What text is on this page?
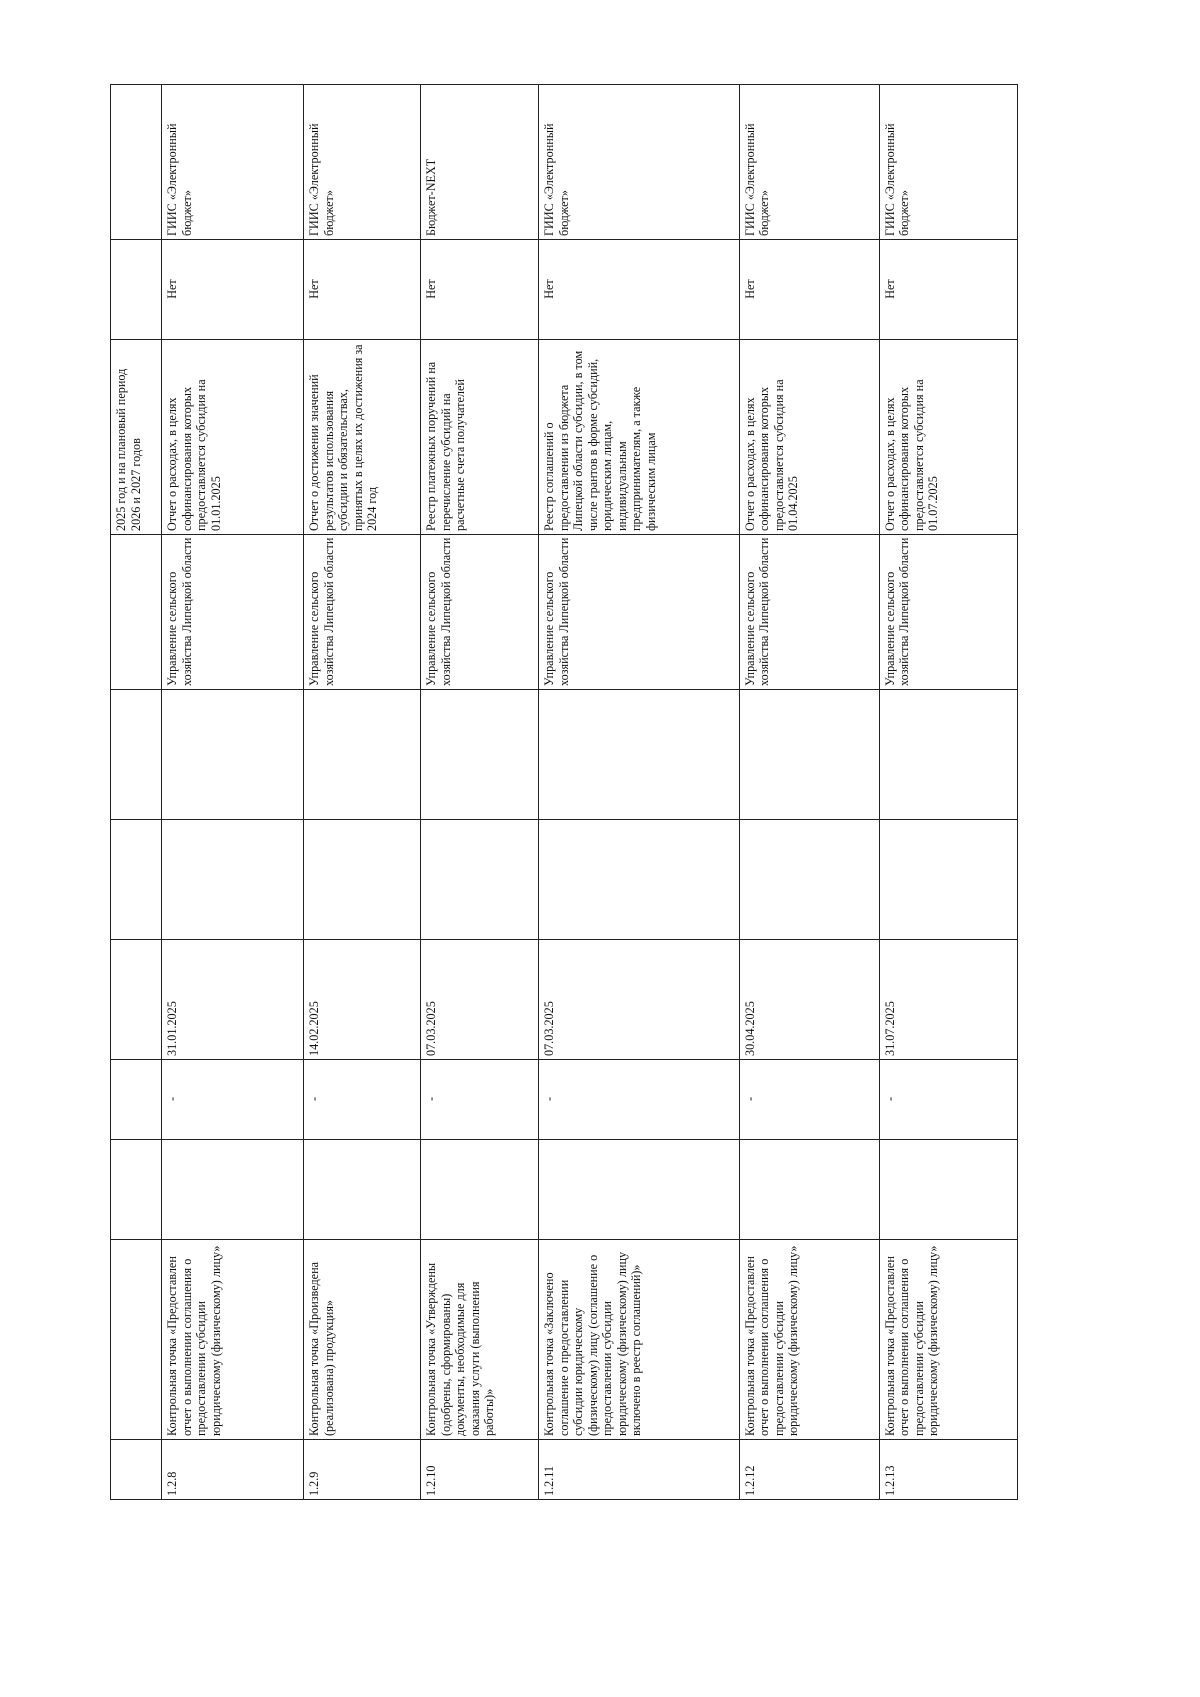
								2025 год и на плановый период 2026 и 2027 годов		
1.2.8	Контрольная точка «Предоставлен отчет о выполнении соглашения о предоставлении субсидии юридическому (физическому) лицу»		-	31.01.2025			Управление сельского хозяйства Липецкой области	Отчет о расходах, в целях софинансирования которых предоставляется субсидия на 01.01.2025	Нет	ГИИС «Электронный бюджет»
1.2.9	Контрольная точка «Произведена (реализована) продукция»		-	14.02.2025			Управление сельского хозяйства Липецкой области	Отчет о достижении значений результатов использования субсидии и обязательствах, принятых в целях их достижения за 2024 год	Нет	ГИИС «Электронный бюджет»
1.2.10	Контрольная точка «Утверждены (одобрены, сформированы) документы, необходимые для оказания услуги (выполнения работы)»		-	07.03.2025			Управление сельского хозяйства Липецкой области	Реестр платежных поручений на перечисление субсидий на расчетные счета получателей	Нет	Бюджет-NEXT
1.2.11	Контрольная точка «Заключено соглашение о предоставлении субсидии юридическому (физическому) лицу (соглашение о предоставлении субсидии юридическому (физическому) лицу включено в реестр соглашений)»		-	07.03.2025			Управление сельского хозяйства Липецкой области	Реестр соглашений о предоставлении из бюджета Липецкой области субсидии, в том числе грантов в форме субсидий, юридическим лицам, индивидуальным предпринимателям, а также физическим лицам	Нет	ГИИС «Электронный бюджет»
1.2.12	Контрольная точка «Предоставлен отчет о выполнении соглашения о предоставлении субсидии юридическому (физическому) лицу»		-	30.04.2025			Управление сельского хозяйства Липецкой области	Отчет о расходах, в целях софинансирования которых предоставляется субсидия на 01.04.2025	Нет	ГИИС «Электронный бюджет»
1.2.13	Контрольная точка «Предоставлен отчет о выполнении соглашения о предоставлении субсидии юридическому (физическому) лицу»		-	31.07.2025			Управление сельского хозяйства Липецкой области	Отчет о расходах, в целях софинансирования которых предоставляется субсидия на 01.07.2025	Нет	ГИИС «Электронный бюджет»
